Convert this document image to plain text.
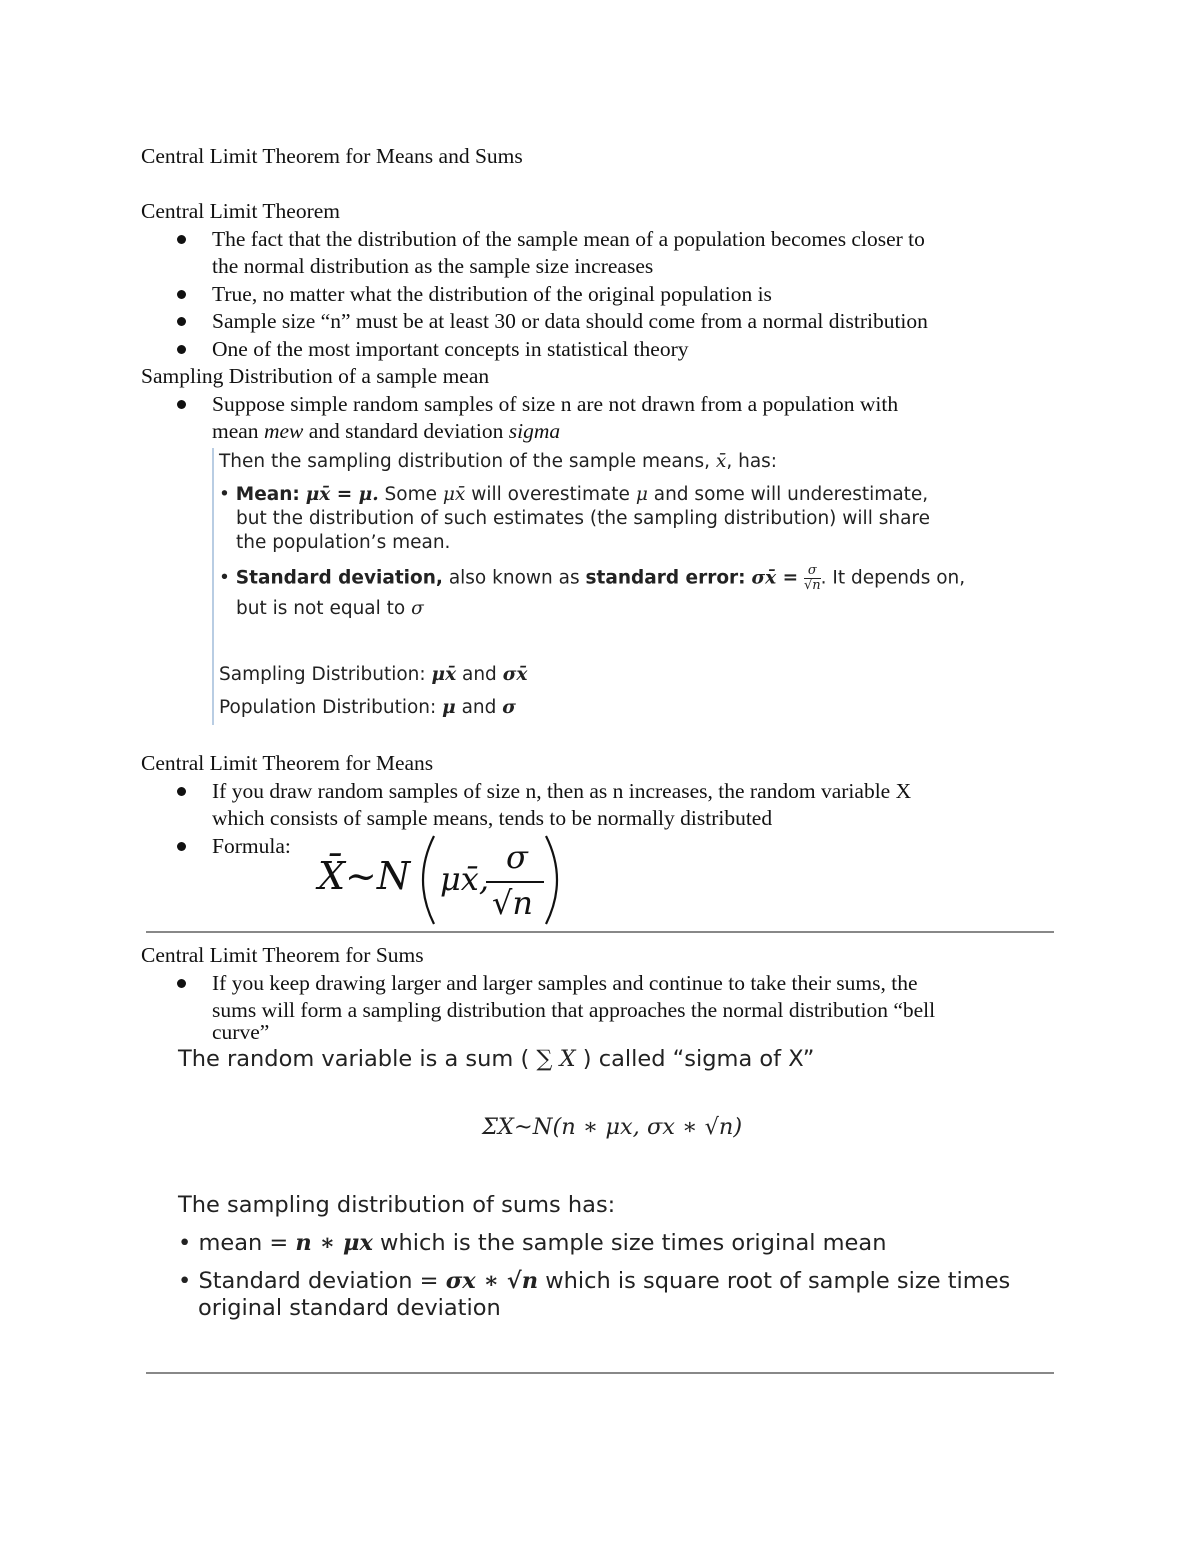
Central Limit Theorem for Means and Sums
Central Limit Theorem
The fact that the distribution of the sample mean of a population becomes closer to
the normal distribution as the sample size increases
True, no matter what the distribution of the original population is
Sample size “n” must be at least 30 or data should come from a normal distribution
One of the most important concepts in statistical theory
Sampling Distribution of a sample mean
Suppose simple random samples of size n are not drawn from a population with
mean mew and standard deviation sigma
Then the sampling distribution of the sample means, x̄, has:
• Mean: μx̄ = μ. Some μx̄ will overestimate μ and some will underestimate,
but the distribution of such estimates (the sampling distribution) will share
the population’s mean.
• Standard deviation, also known as standard error: σx̄ = $\frac{\sigma}{√n}$ . It depends on,
but is not equal to σ
Sampling Distribution: μx̄ and σx̄
Population Distribution: μ and σ
Central Limit Theorem for Means
If you draw random samples of size n, then as n increases, the random variable X
which consists of sample means, tends to be normally distributed
Formula:
X̄~N μx̄,
σ
√n
Central Limit Theorem for Sums
If you keep drawing larger and larger samples and continue to take their sums, the
sums will form a sampling distribution that approaches the normal distribution “bell
curve”
The random variable is a sum ( ∑ X ) called “sigma of X”
ΣX~N(n ∗ μx, σx ∗ √n)
The sampling distribution of sums has:
• mean = n ∗ μx which is the sample size times original mean
• Standard deviation = σx ∗ √n which is square root of sample size times
original standard deviation
